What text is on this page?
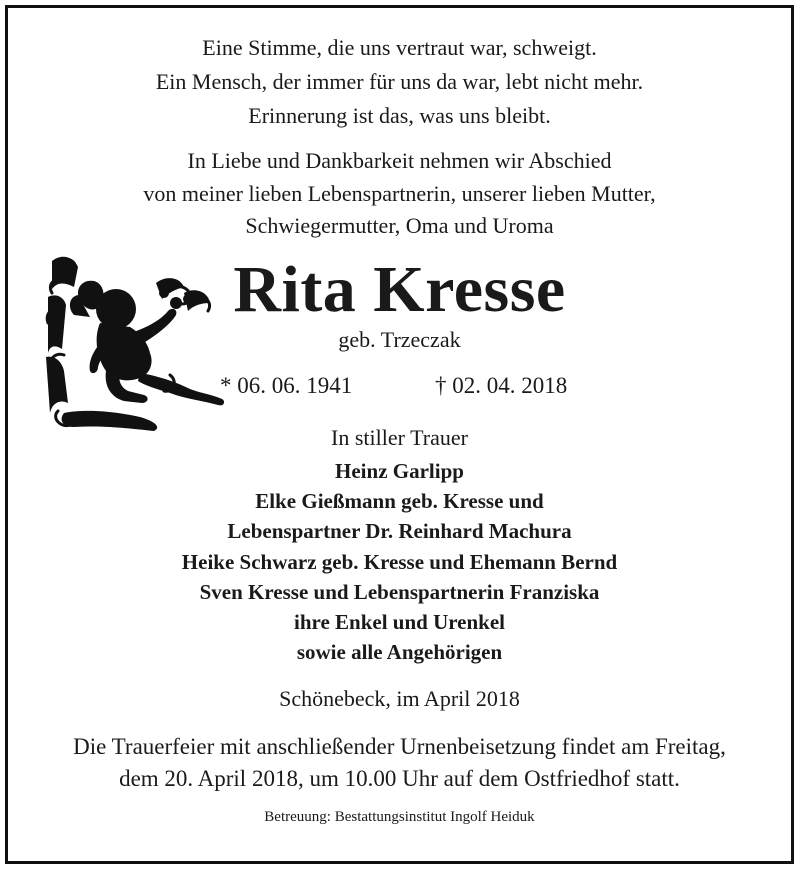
Eine Stimme, die uns vertraut war, schweigt.
Ein Mensch, der immer für uns da war, lebt nicht mehr.
Erinnerung ist das, was uns bleibt.
In Liebe und Dankbarkeit nehmen wir Abschied
von meiner lieben Lebenspartnerin, unserer lieben Mutter,
Schwiegermutter, Oma und Uroma
Rita Kresse
geb. Trzeczak
* 06. 06. 1941	† 02. 04. 2018
In stiller Trauer
Heinz Garlipp
Elke Gießmann geb. Kresse und
Lebenspartner Dr. Reinhard Machura
Heike Schwarz geb. Kresse und Ehemann Bernd
Sven Kresse und Lebenspartnerin Franziska
ihre Enkel und Urenkel
sowie alle Angehörigen
Schönebeck, im April 2018
Die Trauerfeier mit anschließender Urnenbeisetzung findet am Freitag,
dem 20. April 2018, um 10.00 Uhr auf dem Ostfriedhof statt.
Betreuung: Bestattungsinstitut Ingolf Heiduk
